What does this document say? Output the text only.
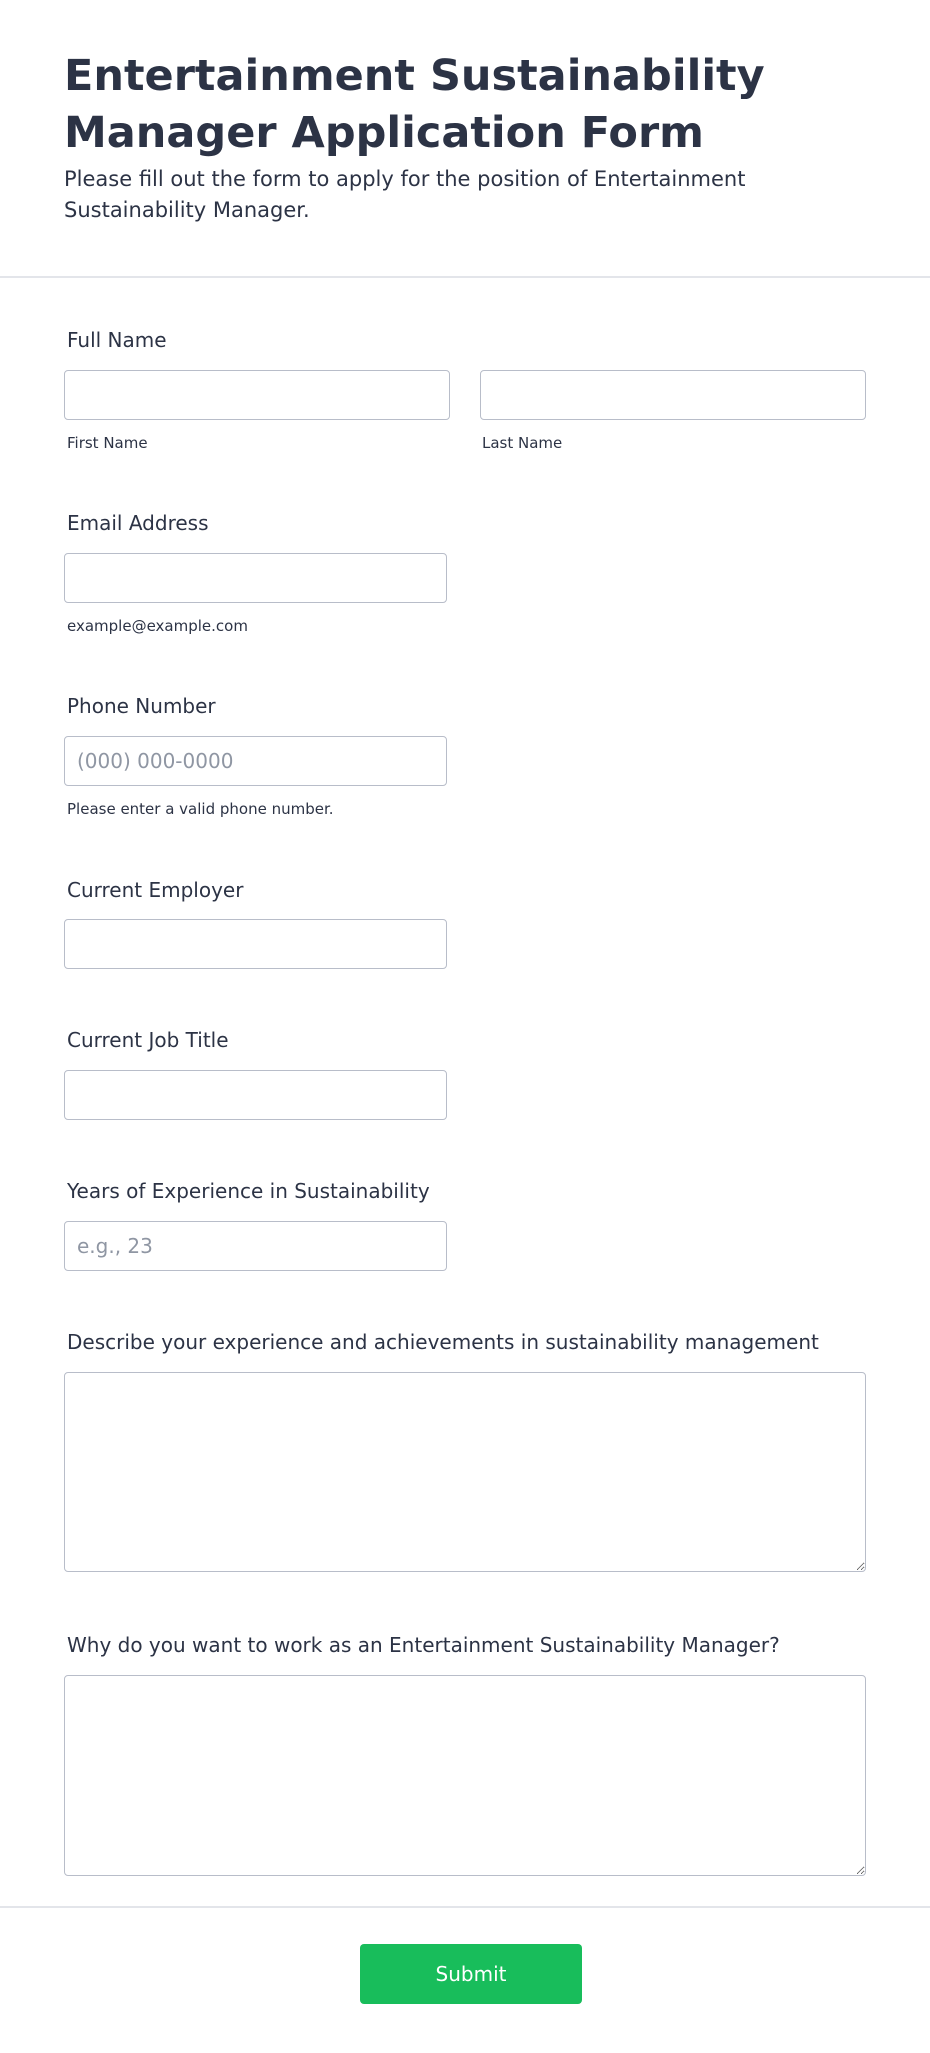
Entertainment Sustainability Manager Application Form

Please fill out the form to apply for the position of Entertainment Sustainability Manager.

Full Name
First Name	Last Name
Email Address
example@example.com
Phone Number
(000) 000-0000
Please enter a valid phone number.
Current Employer
Current Job Title
Years of Experience in Sustainability
e.g., 23
Describe your experience and achievements in sustainability management
Why do you want to work as an Entertainment Sustainability Manager?
Submit
